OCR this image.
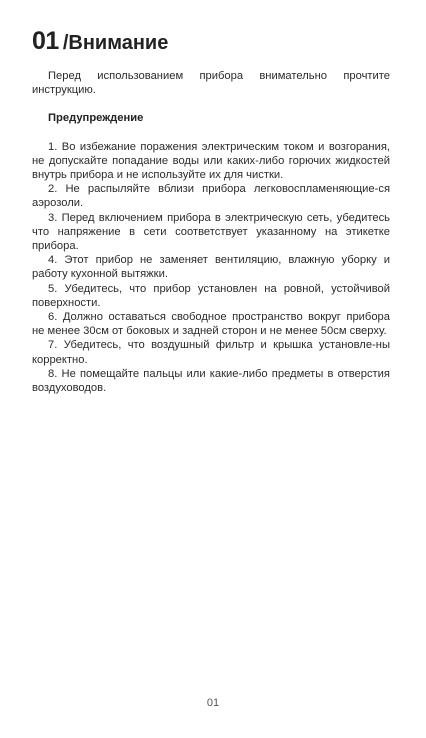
01 /Внимание

Перед использованием прибора внимательно прочтите инструкцию.

Предупреждение
1. Во избежание поражения электрическим током и возгорания, не допускайте попадание воды или каких-либо горючих жидкостей внутрь прибора и не используйте их для чистки.
2. Не распыляйте вблизи прибора легковоспламеняющие-ся аэрозоли.
3. Перед включением прибора в электрическую сеть, убедитесь что напряжение в сети соответствует указанному на этикетке прибора.
4. Этот прибор не заменяет вентиляцию, влажную уборку и работу кухонной вытяжки.
5. Убедитесь, что прибор установлен на ровной, устойчивой поверхности.
6. Должно оставаться свободное пространство вокруг прибора не менее 30см от боковых и задней сторон и не менее 50см сверху.
7. Убедитесь, что воздушный фильтр и крышка установле-ны корректно.
8. Не помещайте пальцы или какие-либо предметы в отверстия воздуховодов.
01
